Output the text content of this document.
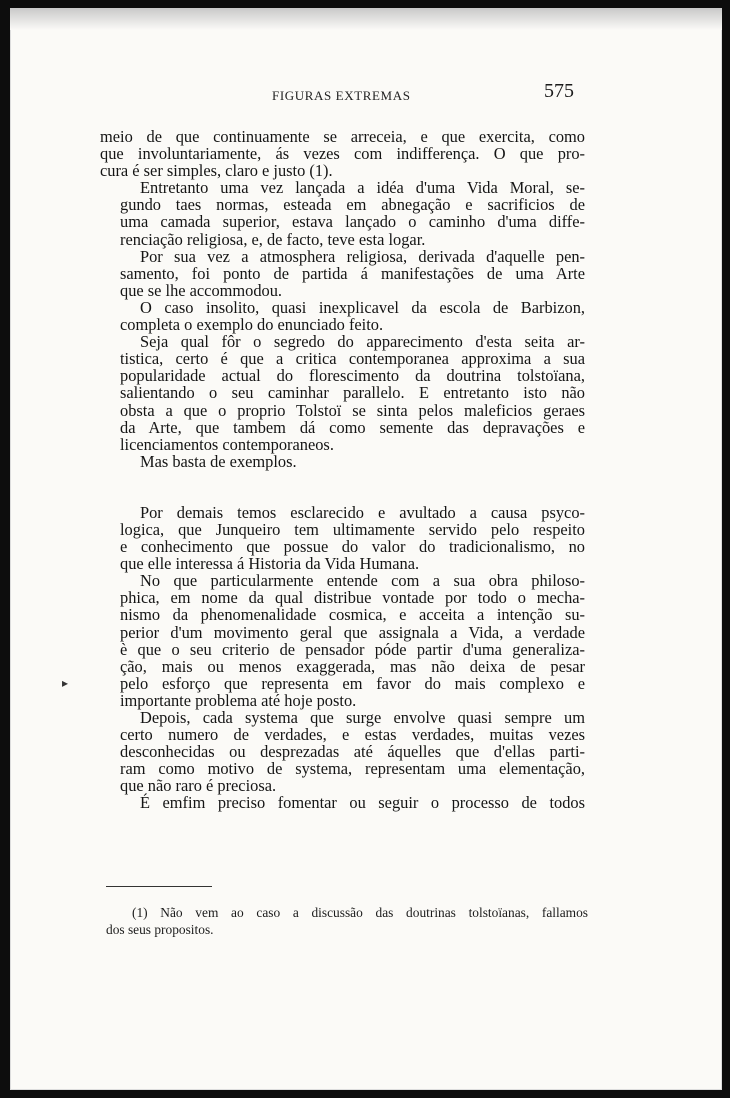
FIGURAS EXTREMAS	575
▸

meio de que continuamente se arreceia, e que exercita, como
que involuntariamente, ás vezes com indifferença. O que pro-
cura é ser simples, claro e justo (1).

Entretanto uma vez lançada a idéa d'uma Vida Moral, se-
gundo taes normas, esteada em abnegação e sacrificios de
uma camada superior, estava lançado o caminho d'uma diffe-
renciação religiosa, e, de facto, teve esta logar.

Por sua vez a atmosphera religiosa, derivada d'aquelle pen-
samento, foi ponto de partida á manifestações de uma Arte
que se lhe accommodou.

O caso insolito, quasi inexplicavel da escola de Barbizon,
completa o exemplo do enunciado feito.

Seja qual fôr o segredo do apparecimento d'esta seita ar-
tistica, certo é que a critica contemporanea approxima a sua
popularidade actual do florescimento da doutrina tolstoïana,
salientando o seu caminhar parallelo. E entretanto isto não
obsta a que o proprio Tolstoï se sinta pelos maleficios geraes
da Arte, que tambem dá como semente das depravações e
licenciamentos contemporaneos.

Mas basta de exemplos.

Por demais temos esclarecido e avultado a causa psyco-
logica, que Junqueiro tem ultimamente servido pelo respeito
e conhecimento que possue do valor do tradicionalismo, no
que elle interessa á Historia da Vida Humana.

No que particularmente entende com a sua obra philoso-
phica, em nome da qual distribue vontade por todo o mecha-
nismo da phenomenalidade cosmica, e acceita a intenção su-
perior d'um movimento geral que assignala a Vida, a verdade
è que o seu criterio de pensador póde partir d'uma generaliza-
ção, mais ou menos exaggerada, mas não deixa de pesar
pelo esforço que representa em favor do mais complexo e
importante problema até hoje posto.

Depois, cada systema que surge envolve quasi sempre um
certo numero de verdades, e estas verdades, muitas vezes
desconhecidas ou desprezadas até áquelles que d'ellas parti-
ram como motivo de systema, representam uma elementação,
que não raro é preciosa.

É emfim preciso fomentar ou seguir o processo de todos

(1) Não vem ao caso a discussão das doutrinas tolstoïanas, fallamos
dos seus propositos.
